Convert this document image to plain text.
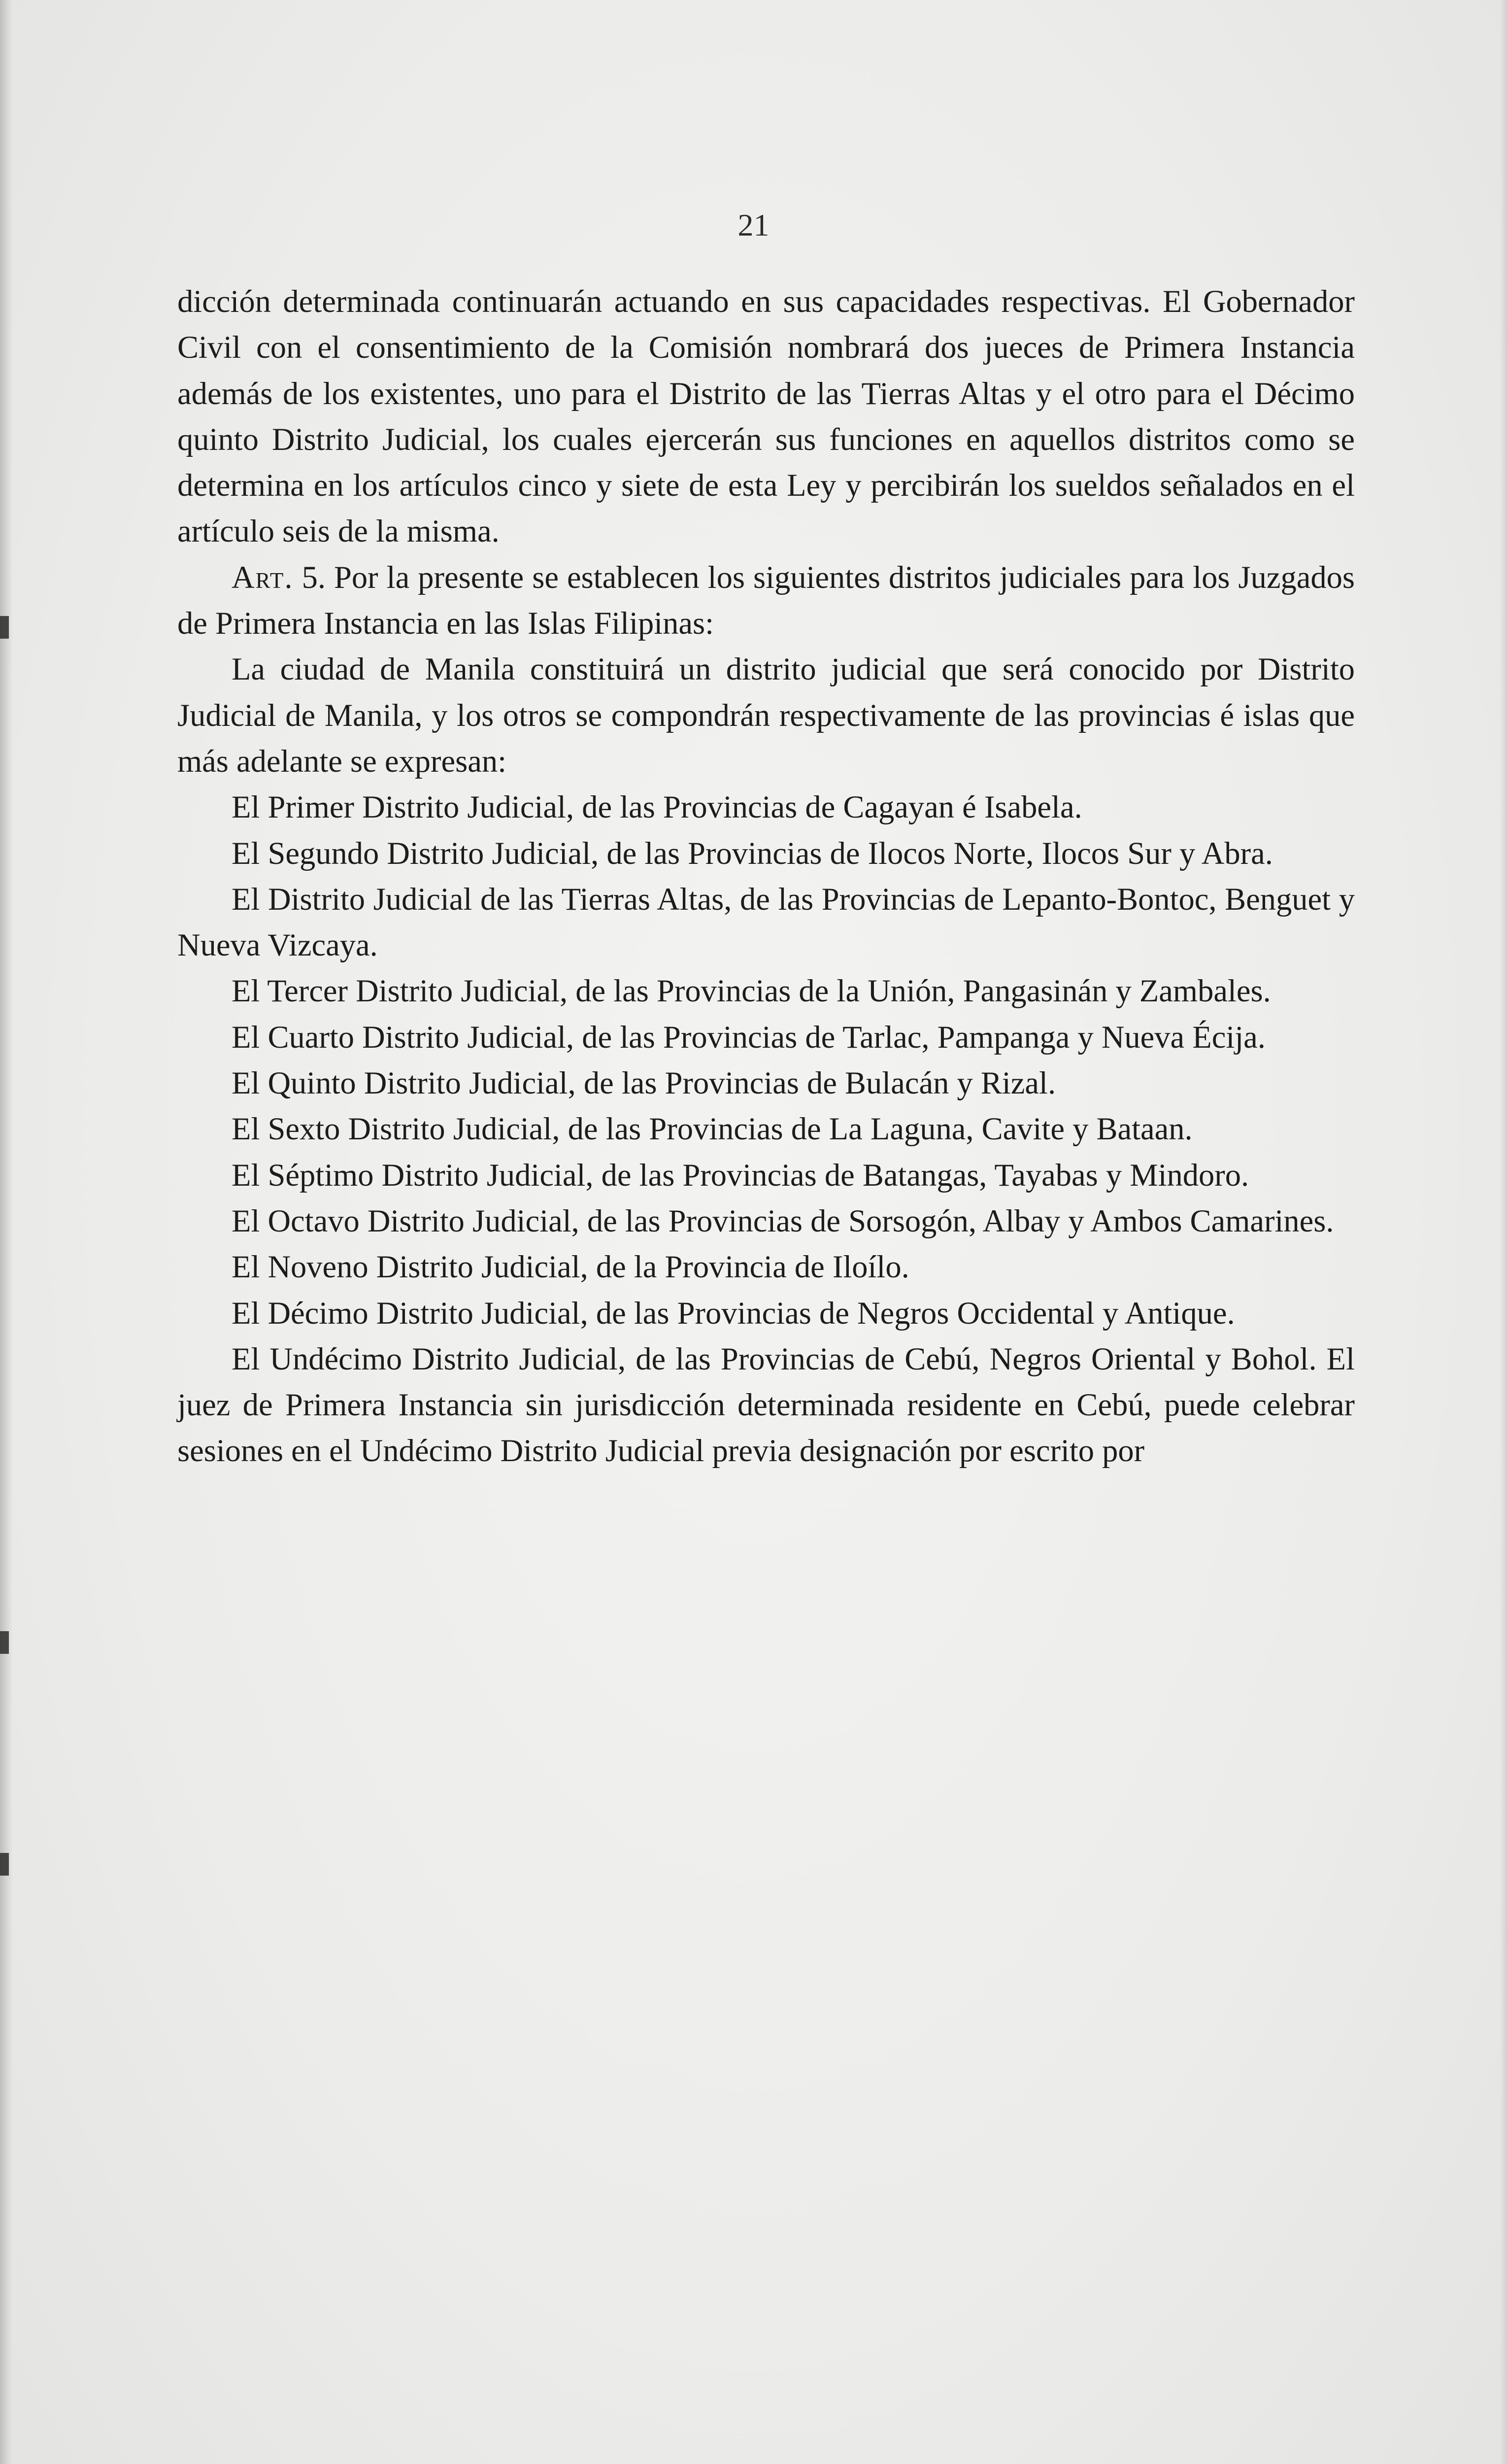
21

dicción determinada continuarán actuando en sus capacidades respectivas. El Gobernador Civil con el consentimiento de la Comisión nombrará dos jueces de Primera Instancia además de los existentes, uno para el Distrito de las Tierras Altas y el otro para el Décimo quinto Distrito Judicial, los cuales ejercerán sus funciones en aquellos distritos como se determina en los artículos cinco y siete de esta Ley y percibirán los sueldos señalados en el artículo seis de la misma.

Art. 5. Por la presente se establecen los siguientes distritos judiciales para los Juzgados de Primera Instancia en las Islas Filipinas:

La ciudad de Manila constituirá un distrito judicial que será conocido por Distrito Judicial de Manila, y los otros se compondrán respectivamente de las provincias é islas que más adelante se expresan:

El Primer Distrito Judicial, de las Provincias de Cagayan é Isabela.

El Segundo Distrito Judicial, de las Provincias de Ilocos Norte, Ilocos Sur y Abra.

El Distrito Judicial de las Tierras Altas, de las Provincias de Lepanto-Bontoc, Benguet y Nueva Vizcaya.

El Tercer Distrito Judicial, de las Provincias de la Unión, Pangasinán y Zambales.

El Cuarto Distrito Judicial, de las Provincias de Tarlac, Pampanga y Nueva Écija.

El Quinto Distrito Judicial, de las Provincias de Bulacán y Rizal.

El Sexto Distrito Judicial, de las Provincias de La Laguna, Cavite y Bataan.

El Séptimo Distrito Judicial, de las Provincias de Batangas, Tayabas y Mindoro.

El Octavo Distrito Judicial, de las Provincias de Sorsogón, Albay y Ambos Camarines.

El Noveno Distrito Judicial, de la Provincia de Iloílo.

El Décimo Distrito Judicial, de las Provincias de Negros Occidental y Antique.

El Undécimo Distrito Judicial, de las Provincias de Cebú, Negros Oriental y Bohol. El juez de Primera Instancia sin jurisdicción determinada residente en Cebú, puede celebrar sesiones en el Undécimo Distrito Judicial previa designación por escrito por
